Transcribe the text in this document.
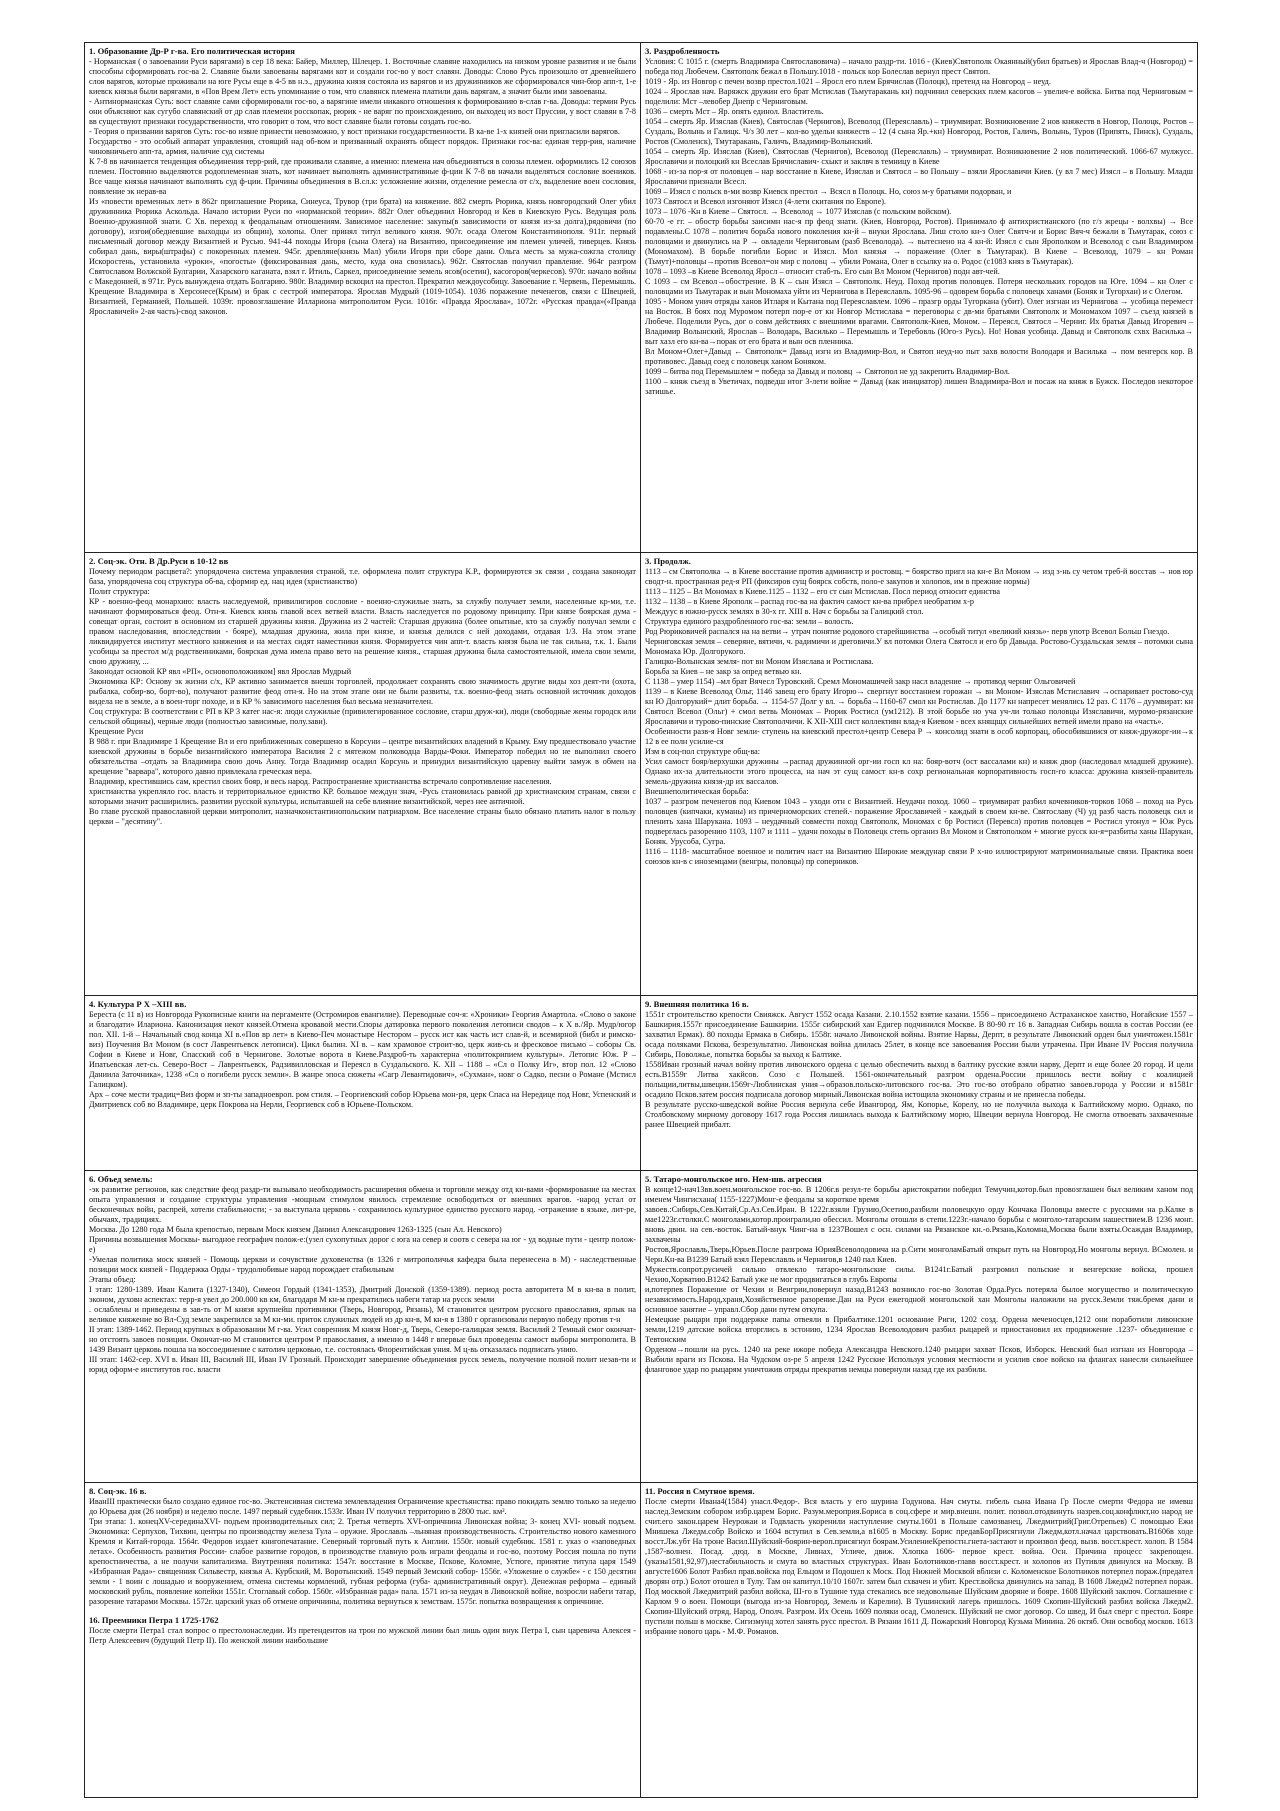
1. Образование Др-Р г-ва. Его политическая история

- Норманская ( о завоевании Руси варягами) в сер 18 века: Байер, Миллер, Шлецер. 1. Восточные славяне находились на низком уровне развития и не были способны сформировать гос-ва 2. Славяне были завоеваны варягами кот и создали гос-во у вост славян. Доводы: Слово Русь произошло от древнейшего слоя варягов, которые проживали на юге Русы еще в 4-5 вв н.э., дружина князя состояла из варягов и из дружинников же сформировался чин-бюр апп-т, 1-е киевск князья были варягами, в «Пов Врем Лет» есть упоминание о том, что славянск племена платили дань варягам, а значит были ими завоеваны.

- Антинорманская Суть: вост славяне сами сформировали гос-во, а варягине имели никакого отношения к формированию в-слав г-ва. Доводы: термин Русь они объясняют как сугубо славянский от др слав племени росскопак, рюрик - не варяг по происхождению, он выходец из вост Пруссии, у вост славян в 7-8 вв существуют признаки государственности, что говорит о том, что вост славяне были готовы создать гос-во.

- Теория о призвании варягов Суть: гос-во извне принести невозможно, у вост признаки государственности. В ка-ве 1-х князей они пригласили варягов.

Государство - это особый аппарат управления, стоящий над об-вом и призванный охранять общест порядок. Признаки гос-ва: единая терр-рия, наличие чиновничьего апп-та, армия, наличие суд системы

К 7-8 вв начинается тенденция объединения терр-рий, где проживали славяне, а именно: племена нач объединяться в союзы племен. оформились 12 союзов племен. Постоянно выделяются родоплеменная знать, кот начинает выполнять административные ф-ции К 7-8 вв начали выделяться сословие воеников. Все чаще князья начинают выполнять суд ф-ции. Причины объединения в В.сл.к: усложнение жизни, отделение ремесла от с/х, выделение воен сословия, появление эк нерав-ва

Из «повести временных лет» в 862г приглашение Рюрика, Синеуса, Трувор (три брата) на княжение. 882 смерть Рюрика, князь новгородский Олег убил дружинника Рюрика Аскольда. Начало истории Руси по «норманской теории». 882г Олег объединил Новгород и Кев в Киевскую Русь. Ведущая роль Военно-дружинной знати. С Хв. переход к феодальным отношениям. Зависимое население: закупы(в зависимости от князя из-за долга),рядовичи (по договору), изгои(обедневшие выходцы из общин), холопы. Олег принял титул великого князя. 907г. осада Олегом Константинополя. 911г. первый письменный договор между Византией и Русью. 941-44 походы Игоря (сына Олега) на Византию, присоединение им племен уличей, тиверцев. Князь собирал дань, виры(штрафы) с покоренных племен. 945г. древляне(князь Мал) убили Игоря при сборе дани. Ольга месть за мужа-сожгла столицу Искоростень, установила «уроки», «погосты» (фиксированная дань, место, куда она свозилась). 962г. Святослав получил правление. 964г разгром Святославом Волжской Булгарии, Хазарского каганата, взял г. Итиль, Саркел, присоединение земель ясов(осетин), касогоров(черкесов). 970г. начало войны с Македонией, в 971г. Русь вынуждена отдать Болгарию. 980г. Владимир вскоцил на престол. Прекратил междоусобицу. Завоевание г. Червень, Перемышль. Крещение Владимира в Херсонесе(Крым) и брак с сестрой императора. Ярослав Мудрый (1019-1054). 1036 поражение печенегов, связи с Швецией, Византией, Германией, Польшей. 1039г. провозглашение Иллариона митрополитом Руси. 1016г. «Правда Ярослава», 1072г. «Русская правда»(«Правда Ярославичей» 2-ая часть)-свод законов.

3. Раздробленность

Условия: С 1015 г. (смерть Владимира Святославовича) – начало раздр-ти. 1016 - (Киев)Святополк Окаянный(убил братьев) и Ярослав Влад-ч (Новгород) = победа под Любечем. Святополк бежал в Польшу.1018 - польск кор Болеслав вернул прест Святоп.

1019 - Яр. из Новгор с печен возвр престол.1021 – Яросл его плем Брячислав (Полоцк), претенд на Новгород – неуд.

1024 – Ярослав нач. Варяжск дружин его брат Мстислав (Тьмутаракань кн) подчинил северских плем касогов – увелич-е войска. Битва под Черниговым = поделили: Мст –левобер Днепр с Черниговым.

1036 – смерть Мст – Яр. опять единол. Властитель.

1054 – смерть Яр. Изяслав (Киев), Святослав (Чернигов), Всеволод (Переяславль) – триумвират. Возникновение 2 нов княжеств в Новгор, Полоцк, Ростов –Суздаль, Волынь и Галицк. Ч/з 30 лет – кол-во удельн княжеств – 12 (4 сына Яр.+кн) Новгород, Ростов, Галичъ, Волынь, Туров (Припять, Пинск), Суздаль, Ростов (Смоленск), Тмутаракань, Галичъ, Владимир-Волынский.

1054 – смерть Яр. Изяслав (Киев), Святослав (Чернигов), Всеволод (Переяславль) – триумвират. Возникновение 2 нов политический. 1066-67 мулжусс. Ярославичи и полоцкий кн Всеслав Брячиславич- схыкт и заклвч в темницу в Киеве

1068 - из-за пор-я от половцев – нар восстание в Киеве, Изяслав и Святосл – во Польшу – взяли Ярославичи Киев. (у вл 7 мес) Изясл – в Польшу. Младш Ярославичи признали Всесл.

1069 – Изясл с польск в-ми возвр Киевск престол → Всясл в Полоцк. Но, союз м-у братьями подорван, и

1073 Святосл и Всевол изгоняют Изясл (4-лети скитания по Европе).

1073 – 1076 -Кн в Киеве – Святосл. → Всеволод → 1077 Изяслав (с польским войском).

60-70 -е гг. – обостр борьбы заисимн нас-я пр феод знати. (Киев, Новгород, Ростов). Принимало ф антихристианского (по г/з жрецы - волхвы) → Все подавлены.С 1078 – политич борьба нового поколения кн-й – внуки Ярослава. Лиш столо кн-з Олег Святч-и и Борис Вяч-ч бежали в Тьмутарак, союз с половцами и двинулись на Р → овладели Черниговым (разб Всеволода). → вытеснено на 4 кн-й: Изясл с сын Ярополком и Всеволод с сын Владимиром (Мономахом). В борьбе погибли Борис и Изясл. Мол князья → поражение (Олег в Тьмутарак). В Киеве – Всеволод, 1079 – кн Роман (Тьмут)+половцы→против Всевол=он мир с половц → убили Романа, Олег в ссылку на о. Родос (c1083 княз в Тьмутарак).

1078 – 1093 –в Киеве Всеволод Яросл – относит стаб-ть. Его сын Вл Моном (Чернигов) подн авт-чей.

С 1093 – см Всевол→обострение. В К – сын Изясл – Святополк. Неуд. Поход против половцев. Потеря нескольких городов на Юге. 1094 – кн Олег с половцами из Тьмутарак и вын Мономаха уйти из Чернигова в Переяславль. 1095-96 – одоврем борьба с половецк ханами (Боняк и Тугорхан) и с Олегом.

1095 - Моном унич отряды ханов Итларя и Кытана под Переяславлем. 1096 – празгр орды Тугоркана (убит). Олег изгнан из Чернигова → усобица перемест на Восток. В боях под Муромом потерп пор-е от кн Новгор Мстислава = переговоры с дв-ми братьями Святополк и Мономахом 1097 – съезд князей в Любече. Поделили Русь, дог о совм действиях с внешними врагами. Святополк-Киев, Моном. – Переясл, Святосл – Черниг. Их братья Давыд Игоревич – Владимир Волынский, Ярослав – Володарь, Василько – Перемышль и Теребовль (Юго-з Русь). Но! Новая усобица. Давыд и Святополк схвх Василька→ выт хазл его кн-ва→порак от его брата и вын осв пленника.

Вл Моном+Олег+Давыд ← Святополк= Давыд изгн из Владимир-Вол, и Святоп неуд-но пыт захв волости Володаря и Василька → пом венгерск кор. В противовес. Давыд соед с половецк ханом Боняком.

1099 – битва под Перемышлем = победа за Давыд и половц → Святопол не уд закрепить Владимир-Вол.

1100 – княж съезд в Уветичах, подведш итог 3-лети войне = Давыд (как инициатор) лишен Владимира-Вол и посаж на княж в Бужск. Последов некоторое затишье.

2. Соц-эк. Отн. В Др.Руси в 10-12 вв

Почему периодом расцвета?: упорядочена система управления страной, т.е. оформлена полит структура К.Р., формируются эк связи , создана законодат база, упорядочена соц структура об-ва, сформир ед. нац идея (христианство)

Полит структура:

КР - военно-феод монархию: власть наследуемой, привилигиров сословие - военно-служилые знать, за службу получает земли, населенные кр-ми, т.е. начинают формироваться феод. Отн-я. Киевск князь главой всех ветвей власти. Власть наследуется по родовому принципу. При князе боярская дума - совещат орган, состоит в основном из старшей дружины князя. Дружина из 2 частей: Старшая дружина (более опытные, кто за службу получал земли с правом наследования, впоследствии - бояре), младшая дружина, жила при князе, и князья делился с ней доходами, отдавая 1/3. На этом этапе ликвидируется институт местного княжения и на местах сидят наместники князя. Формируется чин апп-т. власть князя была не так сильна, т.к. 1. Были усобицы за престол м/д родственниками, боярская дума имела право вето на решение князя., старшая дружина была самостоятельной, имела свои земли, свою дружину, ...

Законодат основой КР явл «РП», основоположником] явл Ярослав Мудрый

Экономика КР: Основу эк жизни с/х, КР активно занимается внешн торговлей, продолжает сохранять свою значимость другие виды хоз деят-ти (охота, рыбалка, собир-во, борт-во), получают развитие феод отн-я. Но на этом этапе они не были развиты, т.к. военно-феод знать основной источник доходов видела не в земле, а в воен-торг походе, и в КР % зависимого населения был весьма незначителен.

Соц структура: В соответствии с РП в КР 3 катег нас-я: люди служилые (привилегированное сословие, старш друж-ки), люди (свободные жены городск или сельской общины), черные люди (полностью зависимые, полу.зави).

Крещение Руси

В 988 г. при Владимире 1 Крещение Вл и его приближенных совершено в Корсуни – центре византийских владений в Крыму. Ему предшествовало участие киевской дружины в борьбе византийского императора Василия 2 с мятежом полководца Варды-Фоки. Император победил но не выполнил своего обязательства –отдать за Владимира свою дочь Анну. Тогда Владимир осадил Корсунь и принудил византийскую царевну выйти замуж в обмен на крещение "варвара", которого давно привлекала греческая вера.

Владимир, крестившись сам, крестил своих бояр, и весь народ. Распространение христианства встречало сопротивление населения.

христианства укрепляло гос. власть и территориальное единство КР. большое междун знач, -Русь становилась равной др христианским странам, связи с которыми значит расширились. развитии русской культуры, испытавшей на себе влияние византийской, через нее античной.

Во главе русской православной церкви митрополит, назначконстантинопольским патриархом. Все население страны было обязано платить налог в пользу церкви – "десятину".

3. Продолж.

1113 – см Святополка → в Киеве восстание против администр и ростовщ. = боярство пригл на кн-е Вл Моном → изд з-нь су четом треб-й восстав → нов юр сводт-н. пространная ред-я РП (фиксиров сущ боярск собств, поло-е закупов и холопов, им в прежние нормы)

1113 – 1125 – Вл Мономах в Киеве.1125 – 1132 – его ст сын Мстислав. Посл период относит единства

1132 – 1138 – в Киеве Ярополк – распад гос-ва на фактич самост кн-ва прибрел необратим х-р

Междуус в южно-русск землях в 30-х гг. XIII в. Нач с борьбы за Галицкий стол.

Структура единого раздробленного гос-ва: земли – волость.

Род Рюриковичей распался на на ветви→ утрач понятие родового старейшинства →особый титул «великий князь»- перв употр Всевол Больш Гнездо.

Черниговская земля – северяне, вятичи, ч. радимичи и дреговичи.У вл потомки Олега Святосл и его бр Давыда. Ростово-Суздальская земля – потомки сына Мономаха Юр. Долгорукого.

Галицко-Волынская земля- пот вн Моном Изяслава и Ростислава.

Борьба за Киев – не закр за опред ветвью кн.

С 1138 – умер 1154) –мл брат Вячесл Туровский. Сремл Мономашичей закр насл владение → противод черниг Ольговичей

1139 – в Киеве Всеволод Ольг, 1146 завещ его брату Игорю→ свергнут восстанием горожан → вн Моном- Изяслав Мстиславич →оспаривает ростово-суд кн Ю Долгорукий= длит борьба. → 1154-57 Долг у вл. → борьба→1160-67 смол кн Ростислав. До 1177 кн напресет менялись 12 раз. С 1176 – дуумвират: кн Святосл Всевол (Ольг) + смол ветвь Мономах – Рюрик Ростисл (ум1212). В этой борьбе но уча уч-ли только половцы Изяславичи, муромо-рязанские Ярославичи и турово-пинские Святополчичи. К XII-XIII сист коллективн влад-я Киевом - всех княщщх сильнейших ветвей имели право на «часть».

Особенности разв-я Новг земли- ступень на киевский престол+центр Севера Р → консолид знати в особ корпорац, обособившиися от княж-дружорг-ии→к 12 в ее полн усилие-ся

Изм в соц-пол структуре общ-ва:

Усил самост бояр/верхушки дружины →распад дружинной орг-ии госп кл на: бояр-вотч (ост вассалами кн) и княж двор (наследовал младшей дружине). Однако их-за длительности этого процесса, на нач эт сущ самост кн-в сохр региональная корпоративность госп-го класса: дружина князей-правитель земель-дружина князя-др их вассалов.

Внешнеполитическая борьба:

1037 – разгром печенегов под Киевом 1043 – уходи отн с Византией. Неудачн поход. 1060 – триумвират разбил кочевников-торков 1068 – поход на Русь половцев (кипчаки, куманы) из причерноморских степей.- поражение Ярославичей - каждый в своем кн-ве. Святославу (Ч) уд разб часть половецк сил и пленить хана Шарукана. 1093 – неудачный совместн поход Святополк, Мономах с бр Ростисл (Перевсл) против половцев = Ростисл утонул = Юж Русь подверглась разорению 1103, 1107 и 1111 – удачн походы в Половецк степь организ Вл Моном и Святополком + многие русск кн-я=разбиты ханы Шарукан, Боняк. Урусоба, Сугра.

1116 – 1118- масштабное военное и политич наст на Византию Широкие междунар связи Р х-но иллюстрируют матримониальные связи. Практика воен союзов кн-в с иноземцами (венгры, половцы) пр соперников.

4. Культура Р Х –XIII вв.

Береста (с 11 в) из Новгорода Рукописные книги на пергаменте (Остромиров евангилие). Переводные соч-я: «Хроники» Георгия Амартола. «Слово о законе и благодати» Илариона. Канонизация некот князей.Отмена кровавой мести.Споры датировка первого поколения летописи сводов – к Х в./Яр. Мудр/югор пол. XII. 1-й – Начальный свод конца XI в.«Пов вр лет» в Киево-Печ монастыре Нестором – русск ист как часть ист слав-й, и всемирной (библ и римско-виз) Поучения Вл Моном (в сост Лаврентьевск летописи). Цикл былин. XI в. – кам храмовое строит-во, церк жив-сь и фресковое письмо – соборы Св. Софии в Киеве и Новг, Спасский соб в Чернигове. Золотые ворота в Киеве.Раздроб-ть характерна «политокрипием культуры». Летопис Юж. Р – Ипатьевская лет-сь. Северо-Вост – Лаврентьевск, Радзивилловская и Переясл в Суздальского. К. XII – 1188 – «Сл о Полку Иг», втор пол. 12 «Слово Даниила Заточника», 1238 «Сл о погибели русск земли». В жанре эпоса сюжеты «Сагр Левантидович», «Сухман», новг о Садко, песни о Романе (Мстисл Галицком).

Арх – соче мести традиц=Виз форм и зп-ты западноевроп. ром стиля. – Георгиевский собор Юрьева мон-ря, церк Спаса на Нередице под Новг, Успенский и Дмитриевск соб во Владимире, церк Покрова на Нерли, Георгиевск соб в Юрьеве-Польском.

9. Внешняя политика 16 в.

1551г строительство крепости Свияжск. Август 1552 осада Казани. 2.10.1552 взятие казани. 1556 – присоединено Астраханское ханство, Ногайские 1557 –Башкирия.1557г присоединение Башкирии. 1555г сибирский хан Едигер подчинился Москве. В 80-90 гг 16 в. Западная Сибирь вошла в состав России (ее захватил Ермак). 80 походы Ермака в Сибирь. 1558г. начало Ливонской войны. Взятие Нарвы, Дерпт, в результате Ливонский орден был уничтожен.1581г осада поляками Пскова, безрезультатно. Ливонская война длилась 25лет, в конце все завоевания России были утрачены. При Иване IV Россия получила Сибирь, Поволжье, попытка борьбы за выход к Балтике.

1558Иван грозный начал войну против ливонского ордена с целью обеспечить выход в балтику русские взяли нарву, Дерпт и еще более 20 город. И цели есть.В1559г Литва хакйсов. Созо с Польшей. 1561-окончательный разгром ордена.России пришлось вести войну с коалицией польщии,литвы,швеции.1569г-Люблинская уния→образов.польско-литовского гос-ва. Это гос-во отобрало обратно завоев.города у России и в1581г осадило Псков.затем россия подписала договор мирный.Ливонская война истощила экономику страны и не принесла победы.

В результате русско-шведской войне Россия вернула себе Ивангород, Ям, Копорье, Корелу, но не получила выхода к Балтийскому морю. Однако, по Столбовскому мирному договору 1617 года Россия лишилась выхода к Балтийскому морю, Швеции вернула Новгород. Не смогла отвоевать захваченные ранее Швецией прибалт.

6. Объед земель:

-эк развитие регионов, как следствие феод раздр-ти вызывало необходимость расширения обмена и торговли между отд кн-вами -формирование на местах опыта управления и создание структуры управления -мощным стимулом явилось стремление освободиться от внешних врагов. -народ устал от бесконечных войн, распрей, хотели стабильности; - за выступала церковь - сохранилось культурное единство русского народ. -отражение в языке, лит-ре, обычаях, традициях.

Москва. До 1280 года М была крепостью, первым Моск князем Даниил Александрович 1263-1325 (сын Ал. Невского)

Причины возвышения Москвы- выгодное географич полож-е:(узел сухопутных дорог с юга на север и соотв с севера на юг - уд водные пути - центр полож-е)

-Умелая политика моск князей - Помощь церкви и сочувствие духовенства (в 1326 г митрополичья кафедра была перенесена в М) - наследственные позиции моск князей - Поддержка Орды - трудолюбивые народ порождает стабильным

Этапы объед:

I этап: 1280-1389. Иван Калита (1327-1340), Симеон Гордый (1341-1353), Дмитрий Донской (1359-1389). период роста авторитета М в кн-ва в полит, эконом, духовн аспектах: терр-я увел до 200.000 кв км, благодаря М кн-м прекратились набеги татар на русск земли

. ослаблены и приведены в зав-ть от М князя крупнейш противники (Тверь, Новгород, Рязань), М становится центром русского православия, ярлык на великое княжение во Вл-Суд земле закрепился за М кн-ми. приток служилых людей из др кн-в, М кн-я в 1380 г организовали первую победу против т-н

II этап: 1389-1462. Период крупных в образовании М г-ва. Усил совренник М князя Новг-д, Тверь, Северо-галицкая земля. Василий 2 Темный смог окончат-но отстоять завоев позиции. Окончат-но М становится центром Р православия, а именно в 1448 г впервые был проведены самост выборы митрополита. В 1439 Визант церковь пошла на воссоединение с католич церковью, т.е. состоялась Флорентийская уния. М ц-вь отказалась подписать унию.

III этап: 1462-сер. XVI в. Иван III, Василий III, Иван IV Грозный. Происходит завершение объединения русск земель, получение полной полит незав-ти и юрид оформ-е институтов гос. власти

5. Татаро-монгольское иго. Нем-шв. агрессия

В конце12-нач13вв.воен.монгольское гос-во. В 1206г.в резул-те борьбы аристократии победил Темучин,котор.был провозглашен был великим ханом под именем Чингисхана( 1155-1227)Монг-е феодалы за короткое время

завоев.:Сибирь,Сев.Китай,Ср.Аз.Сев.Иран. В 1222г.взяли Грузию,Осетию,разбили половецкую орду Кончака Половцы вместе с русскими на р.Калке в мае1223г.столкн.С монголами,котор.проиграли,но обессил. Монголы отошли в степи.1223г.-начало борьбы с монголо-татарским нашествием.В 1236 монг. вновь двин. на сев.-восток. Батый-внук Чинг-на в 1237Вошел с осн. силами на Рязанское кн.-о.Рязань,Коломна,Москва были взяты.Осаждая Владимир, захвачены

Ростов,Ярославль,Тверь,Юрьев.После разгрома ЮрияВсеволодовича на р.Сити монголамБатый открыт путь на Новгород.Но монголы вернул. ВСмолен. и Черн.Кн-ва В1239 Батый взял Переяславль и Чернигов,в 1240 пал Киев.

Мужеств.сопрот.русичей сильно отвлекло татаро-монгольские силы. В1241г.Батый разгромил польские и венгерские войска, прошел Чехию,Хорватию.В1242 Батый уже не мог продвигаться в глубь Европы

и,потерпев Поражение от Чехии и Венгрии,повернул назад.В1243 возникло гос-во Золотая Орда.Русь потеряла былое могущество и политическую независимость.Народ,храня,Хозяйственное разорение.Дан на Руси ежегодной монгольской хан Монголы наложили на русск.Земли тяж.бремя дани и основное занятие – управл.Сбор дани путем откупа.

Немецкие рыцари при поддержке папы отвеяли в Прибалтике.1201 основание Риги, 1202 созд. Ордена меченосцев,1212 они поработили ливонские земли,1219 датские войска вторглись в эстонию, 1234 Ярослав Всеволодович разбил рыцарей и приостановил их продвижение .1237- объединение с Тевтонским

Орденом→пошли на русь. 1240 на реке ижоре победа Александра Невского.1240 рыцари захват Псков, Изборск. Невский был изгнан из Новгорода – Выбили враги из Пскова. На Чудском оз-ре 5 апреля 1242 Русские Используя условия местности и усилив свое войско на флангах нанесли сильнейшее фланговое удар по рыцарям уничтожив отряды прекратив немцы повернули назад где их разбили.

8. Соц-эк. 16 в.

ИванIII практически было создано единое гос-во. Экстенсивная система землевладения Ограничение крестьянства: право покидать землю только за неделю до Юрьева дня (26 ноября) и неделю после. 1497 первый судебник.1533г. Иван IV получил территорию в 2800 тыс. км².

Три этапа: 1. конецXV-серединаXVI- подъем производительных сил; 2. Третья четверть XVI-опричнина Ливонская война; 3- конец XVI- новый подъем. Экономика: Серпухов, Тихвин, центры по производству железа Тула – оружие. Ярославль –льняная производственность. Строительство нового каменного Кремля и Китай-города. 1564г. Федоров издает книгопечатание. Северный торговый путь к Англии. 1550г. новый судебник. 1581 г. указ о «заповедных летах». Особенность развития России- слабое развитие городов, в производстве главную роль играли феодалы и гос-во, поэтому Россия пошла по пути крепостничества, а не получи капитализма. Внутренняя политика: 1547г. восстание в Москве, Пскове, Коломне, Устюге, принятие титула царя 1549 «Избранная Рада»- священник Сильвестр, князья А. Курбский, М. Воротынский. 1549 первый Земский собор- 1556г. «Уложение о службе» - с 150 десятин земли - 1 воин с лошадью и вооружением, отмена системы кормлений, губная реформа (губа- административный округ). Денежная реформа – единый московский рубль, появление копейки 1551г. Стоглавый собор. 1560г. «Избранная рада» пала. 1571 из-за неудач в Ливонской войне, возросли набеги татар, разорение татарами Москвы. 1572г. царский указ об отмене опричнины, политика вернуться к земствам. 1575г. попытка возвращения к опричнине.

16. Преемники Петра 1 1725-1762

После смерти Петра1 стал вопрос о престолонаследии. Из претендентов на трон по мужской линии был лишь один внук Петра I, сын царевича Алексея - Петр Алексеевич (будущий Петр II). По женской линии наибольшие

11. Россия в Смутное время.

После смерти Ивана4(1584) унасл.Федор-. Вся власть у его шурина Годунова. Нач смуты. гибель сына Ивана Гр После смерти Федора не имевш наслед.Земским собором избр.царем Борис. Разум.мероприя.Бориса в соц.сфере и мир.внешн. полит. позвол.отодвинуть назрев.соц.конфликт,но народ не счит.его закон.царем Неурожаи и Годвласть укоренили наступление смуты.1601 в Польше самозванец, Лжедмитрий(Григ.Отрепьев) С помощью Ежи Мнишека Лжедм.собр Войско и 1604 вступил в Сев.земли,а в1605 в Москву. Борис предавБорПрисягнули Лжедм,котл.начал царствовать.В1606в ходе восст.Лж.убт На троне Васил.Шуйский-боярин-вероп.присягнул боярам.УсилениеКрепостн.гнета-застают и произвол феод. вызв. восст.крест. холоп. В 1584 ,1587-волнен. Посад. .дюд. в Москве, Ливнах, Угличе, движ. Хлопка 1606- первое крест. война. Осн. Причина процесс закрепощен.(указы1581,92,97),нестабильность и смута во властных структурах. Иван Болотников-главв восст.крест. и холопов из Путивля двинулся на Москву. В августе1606 Болот Разбил прав.войска под Ельцом и Подошел к Моск. Под Нижней Москвой вблизи с. Коломенское Болотников потерпел пораж.(предател дворян отр.) Болот отошел в Тулу. Там он капитул.10/10 1607г. затем был схвачен и убит. Крест.войска двинулись на запад. В 1608 Лжедм2 потерпел пораж. Под москвой Лжедмитрий разбил войска, Ш-го в Тушине туда стекались все недовольные Шуйским дворяне и бояре. 1608 Шуйский заключ. Соглашение с Карлом 9 о воен. Помощи (выгода из-за Новгород, Земель и Карелии). В Тушинский лагерь пришлось. 1609 Скопин-Шуйский разбил войска Лжедм2. Скопин-Шуйский отряд, Народ, Ополч. Разгром. Их Осень 1609 поляки осад, Смоленск. Шуйский не смог договор. Со швед, И был сверг с престол. Бояре пустили польш в москве. Сигизмунд хотел занять русс престол. В Рязани 1611 Д. Пожарский Новгород Кузьма Минина. 26 октяб. Они освобод москов. 1613 избрание нового царь - М.Ф. Романов.
